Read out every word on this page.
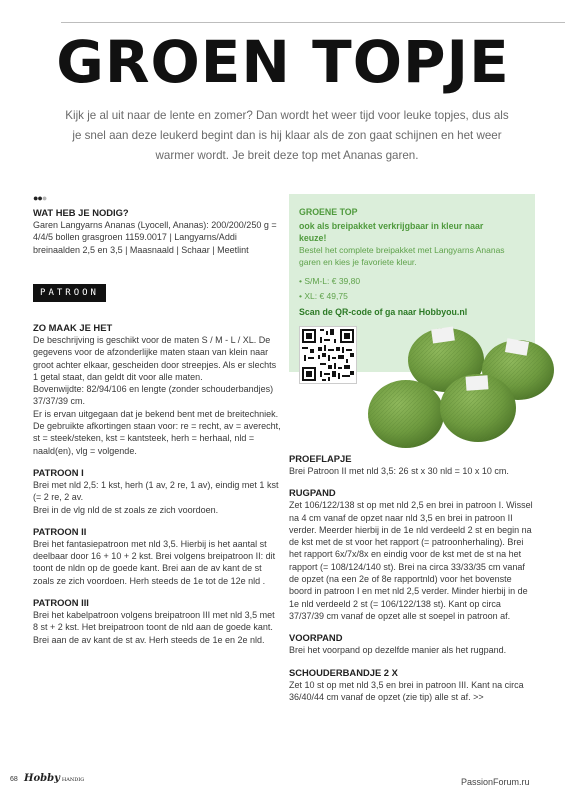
GROEN TOPJE
Kijk je al uit naar de lente en zomer? Dan wordt het weer tijd voor leuke topjes, dus als je snel aan deze leukerd begint dan is hij klaar als de zon gaat schijnen en het weer warmer wordt. Je breit deze top met Ananas garen.
●●●
WAT HEB JE NODIG?

Garen Langyarns Ananas (Lyocell, Ananas): 200/200/250 g = 4/4/5 bollen grasgroen 1159.0017 | Langyarns/Addi breinaalden 2,5 en 3,5 | Maasnaald | Schaar | Meetlint

PATROON
ZO MAAK JE HET

De beschrijving is geschikt voor de maten S / M - L / XL. De gegevens voor de afzonderlijke maten staan van klein naar groot achter elkaar, gescheiden door streepjes. Als er slechts 1 getal staat, dan geldt dit voor alle maten.

Bovenwijdte: 82/94/106 en lengte (zonder schouderbandjes) 37/37/39 cm.

Er is ervan uitgegaan dat je bekend bent met de breitechniek. De gebruikte afkortingen staan voor: re = recht, av = averecht, st = steek/steken, kst = kantsteek, herh = herhaal, nld = naald(en), vlg = volgende.

PATROON I

Brei met nld 2,5: 1 kst, herh (1 av, 2 re, 1 av), eindig met 1 kst (= 2 re, 2 av.

Brei in de vlg nld de st zoals ze zich voordoen.

PATROON II

Brei het fantasiepatroon met nld 3,5. Hierbij is het aantal st deelbaar door 16 + 10 + 2 kst. Brei volgens breipatroon II: dit toont de nldn op de goede kant. Brei aan de av kant de st zoals ze zich voordoen. Herh steeds de 1e tot de 12e nld .

PATROON III

Brei het kabelpatroon volgens breipatroon III met nld 3,5 met 8 st + 2 kst. Het breipatroon toont de nld aan de goede kant. Brei aan de av kant de st av. Herh steeds de 1e en 2e nld.

GROENE TOP
ook als breipakket verkrijgbaar in kleur naar keuze!
Bestel het complete breipakket met Langyarns Ananas garen en kies je favoriete kleur.
• S/M-L: € 39,80
• XL: € 49,75
Scan de QR-code of ga naar Hobbyou.nl
PROEFLAPJE

Brei Patroon II met nld 3,5: 26 st x 30 nld = 10 x 10 cm.

RUGPAND

Zet 106/122/138 st op met nld 2,5 en brei in patroon I. Wissel na 4 cm vanaf de opzet naar nld 3,5 en brei in patroon II verder. Meerder hierbij in de 1e nld verdeeld 2 st en begin na de kst met de st voor het rapport (= patroonherhaling). Brei het rapport 6x/7x/8x en eindig voor de kst met de st na het rapport (= 108/124/140 st). Brei na circa 33/33/35 cm vanaf de opzet (na een 2e of 8e rapportnld) voor het bovenste boord in patroon I en met nld 2,5 verder. Minder hierbij in de 1e nld verdeeld 2 st (= 106/122/138 st). Kant op circa 37/37/39 cm vanaf de opzet alle st soepel in patroon af.

VOORPAND

Brei het voorpand op dezelfde manier als het rugpand.

SCHOUDERBANDJE 2 X

Zet 10 st op met nld 3,5 en brei in patroon III. Kant na circa 36/40/44 cm vanaf de opzet (zie tip) alle st af. >>

68 Hobby HANDIG	PassionForum.ru
